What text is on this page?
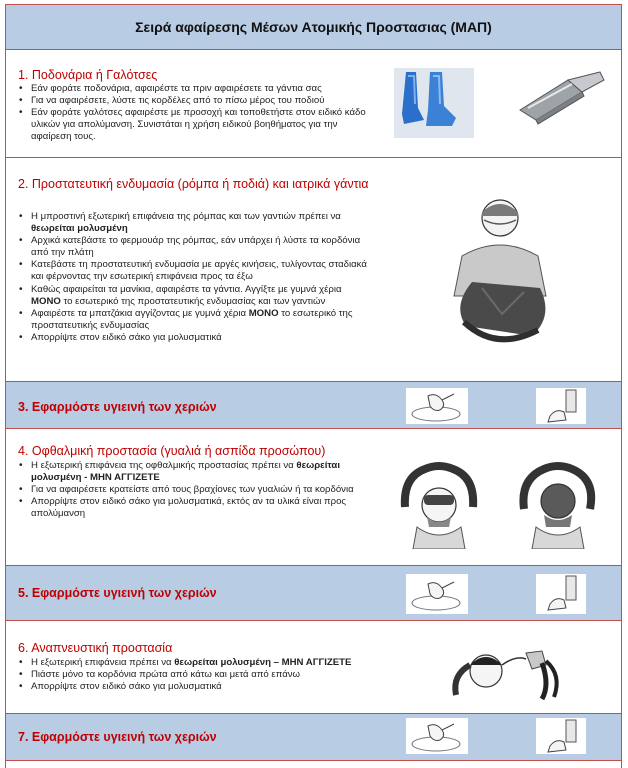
Σειρά αφαίρεσης Μέσων Ατομικής Προστασιας (ΜΑΠ)
1. Ποδονάρια ή Γαλότσες
• Εάν φοράτε ποδονάρια, αφαιρέστε τα πριν αφαιρέσετε τα γάντια σας
• Για να αφαιρέσετε, λύστε τις κορδέλες από το πίσω μέρος του ποδιού
• Εάν φοράτε γαλότσες αφαιρέστε με προσοχή και τοποθετήστε στον ειδικό κάδο υλικών για απολύμανση. Συνιστάται η χρήση ειδικού βοηθήματος για την αφαίρεση τους.
2. Προστατευτική ενδυμασία (ρόμπα ή ποδιά) και ιατρικά γάντια
• Η μπροστινή εξωτερική επιφάνεια της ρόμπας και των γαντιών πρέπει να θεωρείται μολυσμένη
• Αρχικά κατεβάστε το φερμουάρ της ρόμπας, εάν υπάρχει ή λύστε τα κορδόνια από την πλάτη
• Κατεβάστε τη προστατευτική ενδυμασία με αργές κινήσεις, τυλίγοντας σταδιακά και φέρνοντας την εσωτερική επιφάνεια προς τα έξω
• Καθώς αφαιρείται τα μανίκια, αφαιρέστε τα γάντια. Αγγίξτε με γυμνά χέρια ΜΟΝΟ το εσωτερικό της προστατευτικής ενδυμασίας και των γαντιών
• Αφαιρέστε τα μπατζάκια αγγίζοντας με γυμνά χέρια ΜΟΝΟ το εσωτερικό της προστατευτικής ενδυμασίας
• Απορρίψτε στον ειδικό σάκο για μολυσματικά
3. Εφαρμόστε υγιεινή των χεριών
4. Οφθαλμική προστασία (γυαλιά ή ασπίδα προσώπου)
• Η εξωτερική επιφάνεια της οφθαλμικής προστασίας πρέπει να θεωρείται μολυσμένη - ΜΗΝ ΑΓΓΙΖΕΤΕ
• Για να αφαιρέσετε κρατείστε από τους βραχίονες των γυαλιών ή τα κορδόνια
• Απορρίψτε στον ειδικό σάκο για μολυσματικά, εκτός αν τα υλικά είναι προς απολύμανση
5. Εφαρμόστε υγιεινή των χεριών
6. Αναπνευστική προστασία
• Η εξωτερική επιφάνεια πρέπει να θεωρείται μολυσμένη – ΜΗΝ ΑΓΓΙΖΕΤΕ
• Πιάστε μόνο τα κορδόνια πρώτα από κάτω και μετά από επάνω
• Απορρίψτε στον ειδικό σάκο για μολυσματικά
7. Εφαρμόστε υγιεινή των χεριών
